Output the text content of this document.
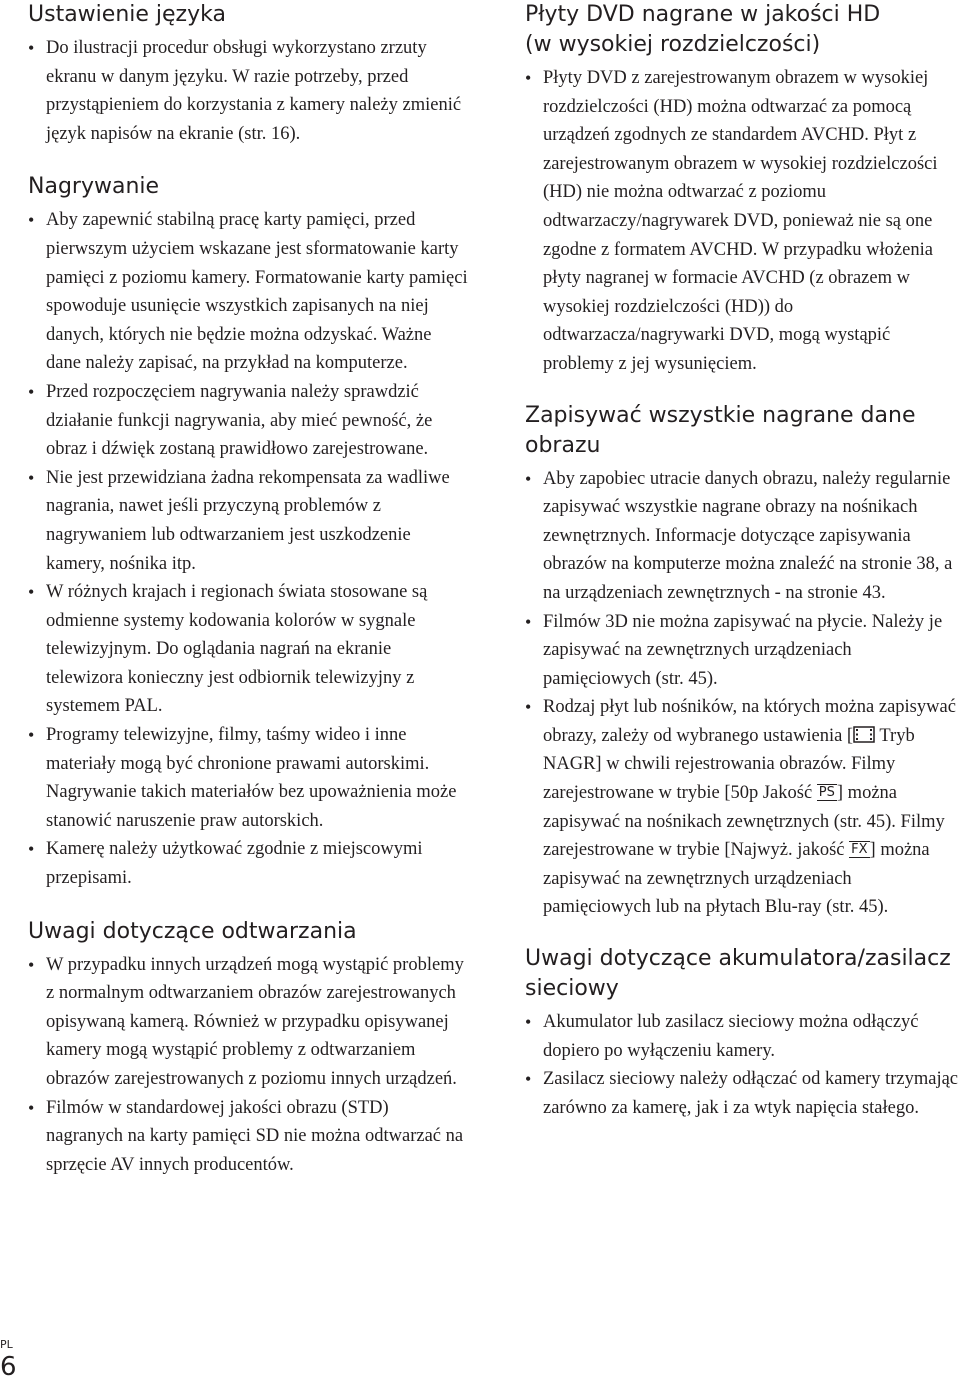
Ustawienie języka
• Do ilustracji procedur obsługi wykorzystano zrzuty ekranu w danym języku. W razie potrzeby, przed przystąpieniem do korzystania z kamery należy zmienić język napisów na ekranie (str. 16).
Nagrywanie
• Aby zapewnić stabilną pracę karty pamięci, przed pierwszym użyciem wskazane jest sformatowanie karty pamięci z poziomu kamery. Formatowanie karty pamięci spowoduje usunięcie wszystkich zapisanych na niej danych, których nie będzie można odzyskać. Ważne dane należy zapisać, na przykład na komputerze.
• Przed rozpoczęciem nagrywania należy sprawdzić działanie funkcji nagrywania, aby mieć pewność, że obraz i dźwięk zostaną prawidłowo zarejestrowane.
• Nie jest przewidziana żadna rekompensata za wadliwe nagrania, nawet jeśli przyczyną problemów z nagrywaniem lub odtwarzaniem jest uszkodzenie kamery, nośnika itp.
• W różnych krajach i regionach świata stosowane są odmienne systemy kodowania kolorów w sygnale telewizyjnym. Do oglądania nagrań na ekranie telewizora konieczny jest odbiornik telewizyjny z systemem PAL.
• Programy telewizyjne, filmy, taśmy wideo i inne materiały mogą być chronione prawami autorskimi. Nagrywanie takich materiałów bez upoważnienia może stanowić naruszenie praw autorskich.
• Kamerę należy użytkować zgodnie z miejscowymi przepisami.
Uwagi dotyczące odtwarzania
• W przypadku innych urządzeń mogą wystąpić problemy z normalnym odtwarzaniem obrazów zarejestrowanych opisywaną kamerą. Również w przypadku opisywanej kamery mogą wystąpić problemy z odtwarzaniem obrazów zarejestrowanych z poziomu innych urządzeń.
• Filmów w standardowej jakości obrazu (STD) nagranych na karty pamięci SD nie można odtwarzać na sprzęcie AV innych producentów.
Płyty DVD nagrane w jakości HD
(w wysokiej rozdzielczości)
• Płyty DVD z zarejestrowanym obrazem w wysokiej rozdzielczości (HD) można odtwarzać za pomocą urządzeń zgodnych ze standardem AVCHD. Płyt z zarejestrowanym obrazem w wysokiej rozdzielczości (HD) nie można odtwarzać z poziomu odtwarzaczy/nagrywarek DVD, ponieważ nie są one zgodne z formatem AVCHD. W przypadku włożenia płyty nagranej w formacie AVCHD (z obrazem w wysokiej rozdzielczości (HD)) do odtwarzacza/nagrywarki DVD, mogą wystąpić problemy z jej wysunięciem.
Zapisywać wszystkie nagrane dane
obrazu
• Aby zapobiec utracie danych obrazu, należy regularnie zapisywać wszystkie nagrane obrazy na nośnikach zewnętrznych. Informacje dotyczące zapisywania obrazów na komputerze można znaleźć na stronie 38, a na urządzeniach zewnętrznych - na stronie 43.
• Filmów 3D nie można zapisywać na płycie. Należy je zapisywać na zewnętrznych urządzeniach pamięciowych (str. 45).
• Rodzaj płyt lub nośników, na których można zapisywać obrazy, zależy od wybranego ustawienia [ Tryb NAGR] w chwili rejestrowania obrazów. Filmy zarejestrowane w trybie [50p Jakość PS ] można zapisywać na nośnikach zewnętrznych (str. 45). Filmy zarejestrowane w trybie [Najwyż. jakość FX ] można zapisywać na zewnętrznych urządzeniach pamięciowych lub na płytach Blu-ray (str. 45).
Uwagi dotyczące akumulatora/zasilacz
sieciowy
• Akumulator lub zasilacz sieciowy można odłączyć dopiero po wyłączeniu kamery.
• Zasilacz sieciowy należy odłączać od kamery trzymając zarówno za kamerę, jak i za wtyk napięcia stałego.
PL
6
